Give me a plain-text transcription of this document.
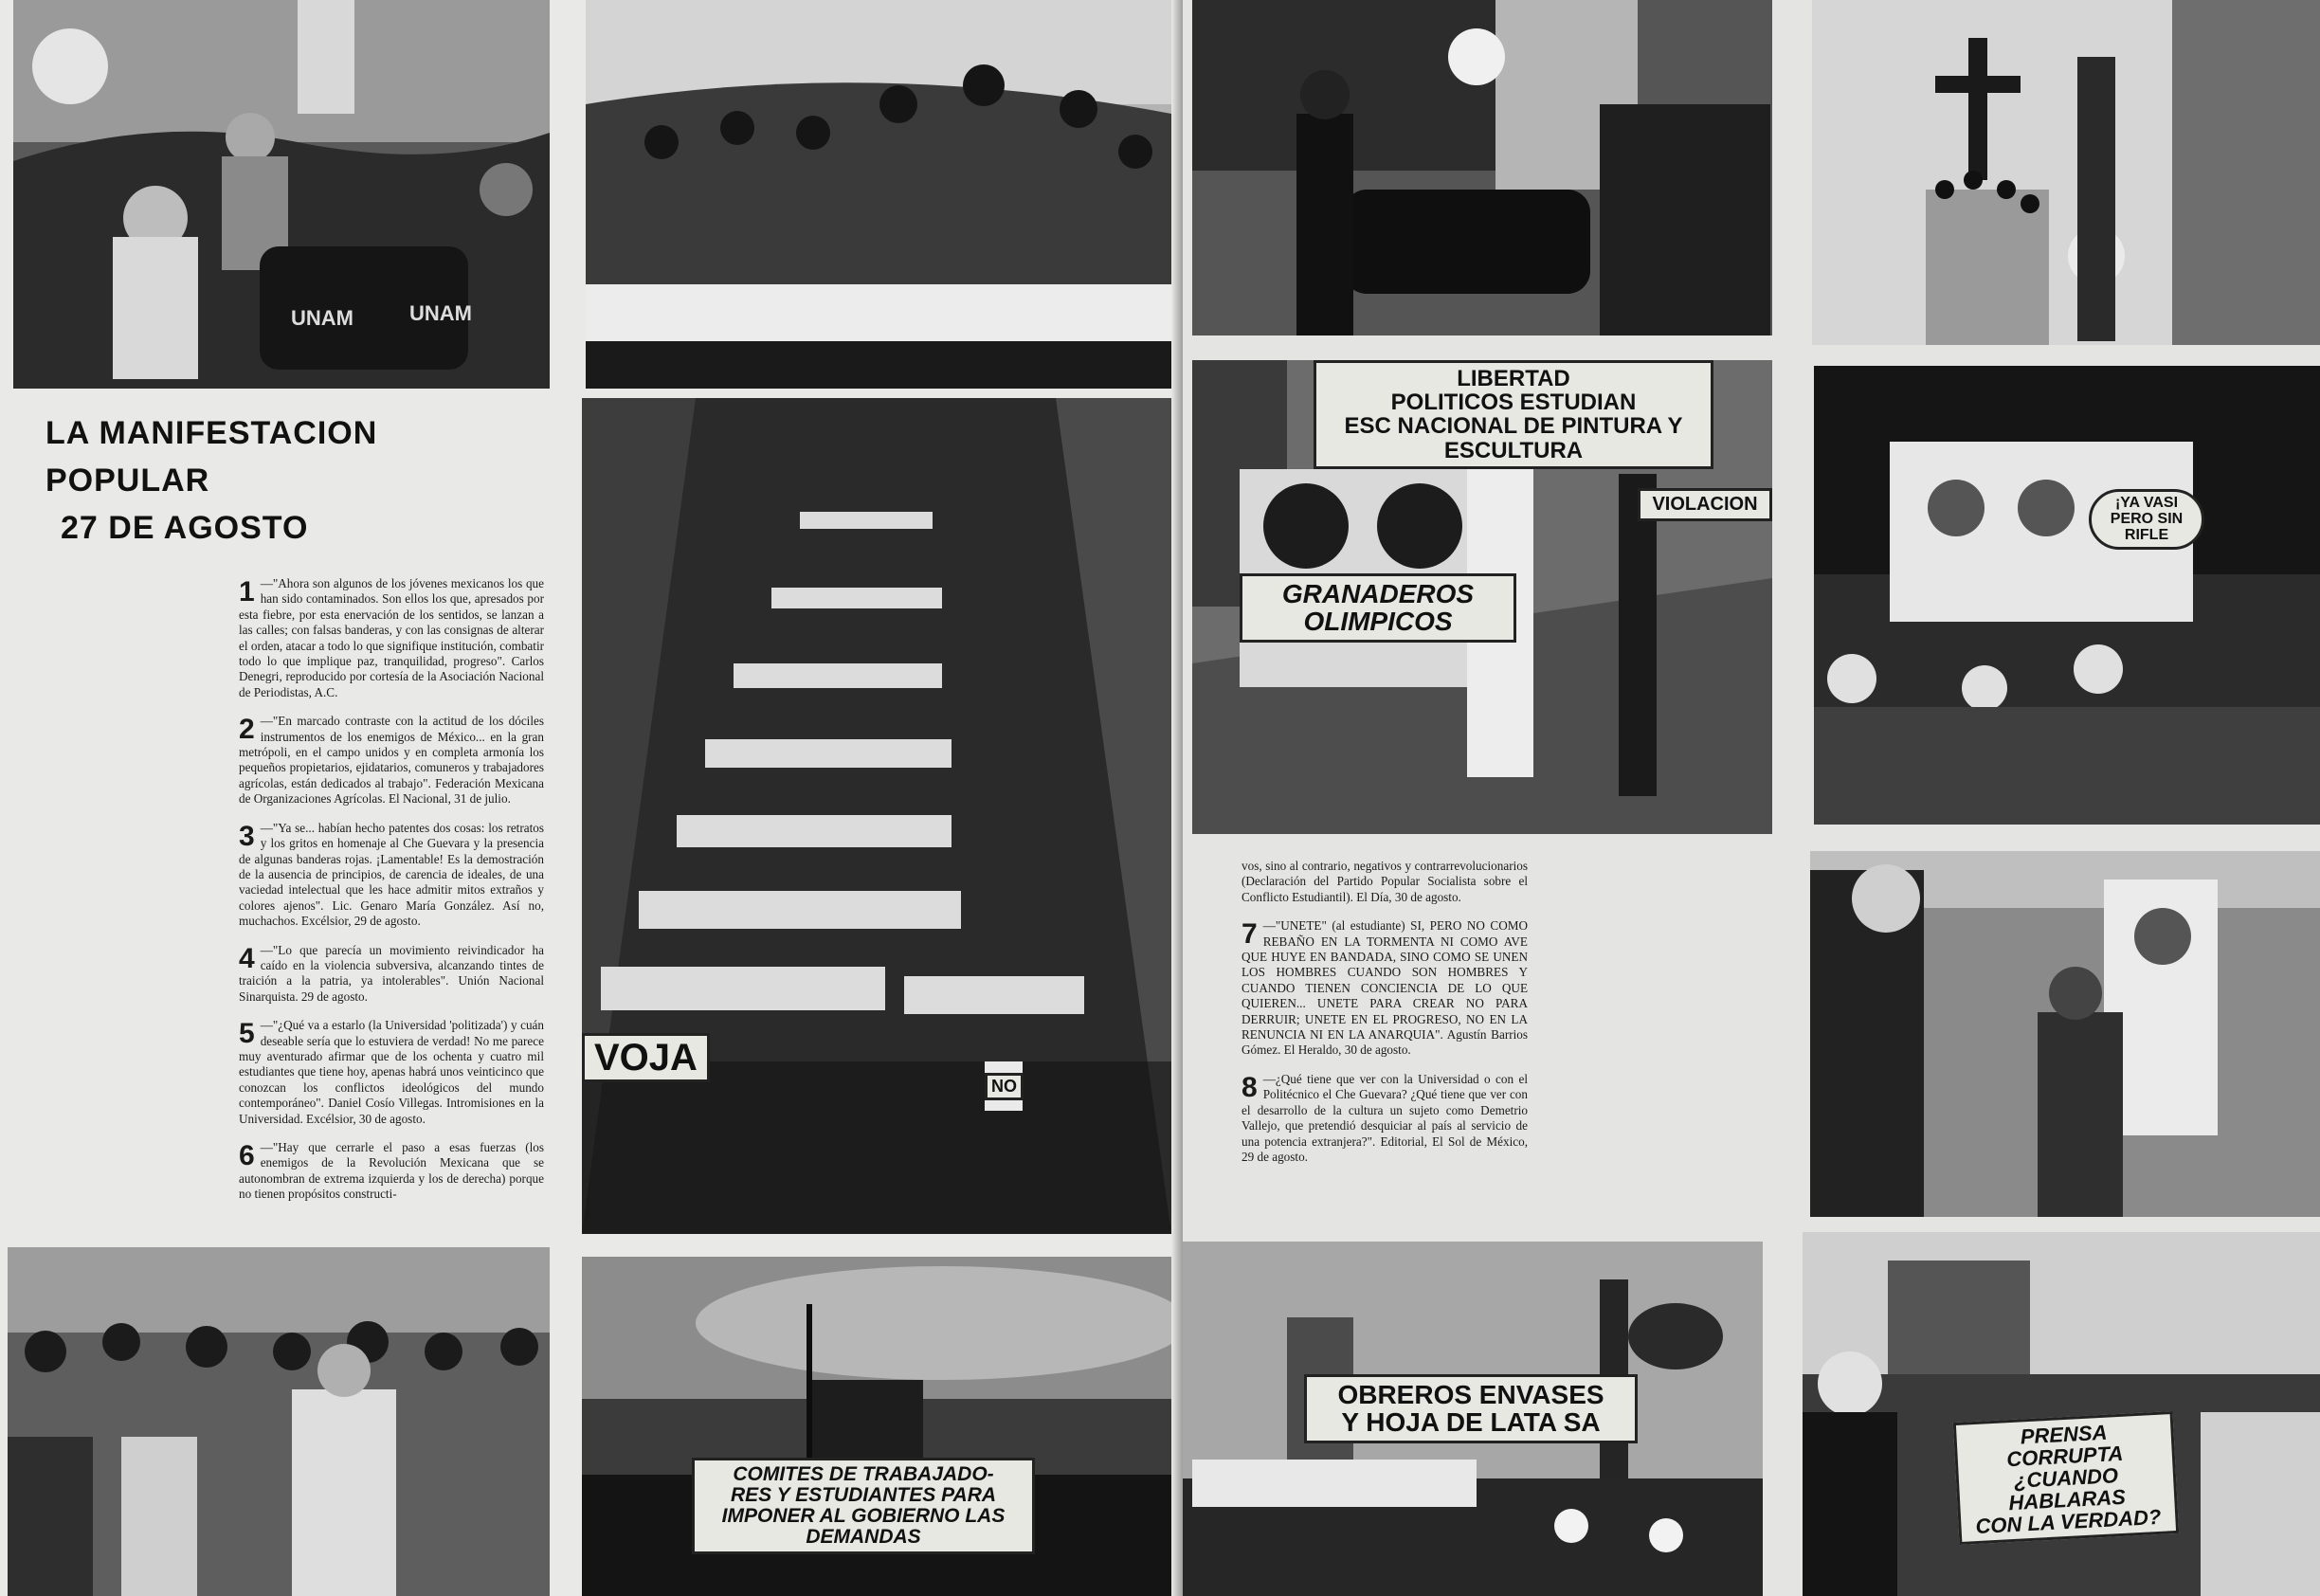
UNAM	UNAM
LA MANIFESTACION
POPULAR
27 DE AGOSTO
1 —"Ahora son algunos de los jóvenes mexicanos los que han sido contaminados. Son ellos los que, apresados por esta fiebre, por esta enervación de los sentidos, se lanzan a las calles; con falsas banderas, y con las consignas de alterar el orden, atacar a todo lo que signifique institución, combatir todo lo que implique paz, tranquilidad, progreso". Carlos Denegri, reproducido por cortesía de la Asociación Nacional de Periodistas, A.C.
2 —"En marcado contraste con la actitud de los dóciles instrumentos de los enemigos de México... en la gran metrópoli, en el campo unidos y en completa armonía los pequeños propietarios, ejidatarios, comuneros y trabajadores agrícolas, están dedicados al trabajo". Federación Mexicana de Organizaciones Agrícolas. El Nacional, 31 de julio.
3 —"Ya se... habían hecho patentes dos cosas: los retratos y los gritos en homenaje al Che Guevara y la presencia de algunas banderas rojas. ¡Lamentable! Es la demostración de la ausencia de principios, de carencia de ideales, de una vaciedad intelectual que les hace admitir mitos extraños y colores ajenos". Lic. Genaro María González. Así no, muchachos. Excélsior, 29 de agosto.
4 —"Lo que parecía un movimiento reivindicador ha caído en la violencia subversiva, alcanzando tintes de traición a la patria, ya intolerables". Unión Nacional Sinarquista. 29 de agosto.
5 —"¿Qué va a estarlo (la Universidad 'politizada') y cuán deseable sería que lo estuviera de verdad! No me parece muy aventurado afirmar que de los ochenta y cuatro mil estudiantes que tiene hoy, apenas habrá unos veinticinco que conozcan los conflictos ideológicos del mundo contemporáneo". Daniel Cosío Villegas. Intromisiones en la Universidad. Excélsior, 30 de agosto.
6 —"Hay que cerrarle el paso a esas fuerzas (los enemigos de la Revolución Mexicana que se autonombran de extrema izquierda y los de derecha) porque no tienen propósitos constructi-
VOJA
NO
COMITES DE TRABAJADO-
RES Y ESTUDIANTES PARA
IMPONER AL GOBIERNO LAS DEMANDAS
LIBERTAD
POLITICOS ESTUDIAN
ESC NACIONAL DE PINTURA Y ESCULTURA
GRANADEROS
OLIMPICOS
VIOLACION	¡YA VASI
PERO SIN
RIFLE
vos, sino al contrario, negativos y contrarrevolucionarios (Declaración del Partido Popular Socialista sobre el Conflicto Estudiantil). El Día, 30 de agosto.
7 —"UNETE" (al estudiante) SI, PERO NO COMO REBAÑO EN LA TORMENTA NI COMO AVE QUE HUYE EN BANDADA, SINO COMO SE UNEN LOS HOMBRES CUANDO SON HOMBRES Y CUANDO TIENEN CONCIENCIA DE LO QUE QUIEREN... UNETE PARA CREAR NO PARA DERRUIR; UNETE EN EL PROGRESO, NO EN LA RENUNCIA NI EN LA ANARQUIA". Agustín Barrios Gómez. El Heraldo, 30 de agosto.
8 —¿Qué tiene que ver con la Universidad o con el Politécnico el Che Guevara? ¿Qué tiene que ver con el desarrollo de la cultura un sujeto como Demetrio Vallejo, que pretendió desquiciar al país al servicio de una potencia extranjera?". Editorial, El Sol de México, 29 de agosto.
OBREROS ENVASES
Y HOJA DE LATA SA	PRENSA CORRUPTA
¿CUANDO HABLARAS
CON LA VERDAD?
